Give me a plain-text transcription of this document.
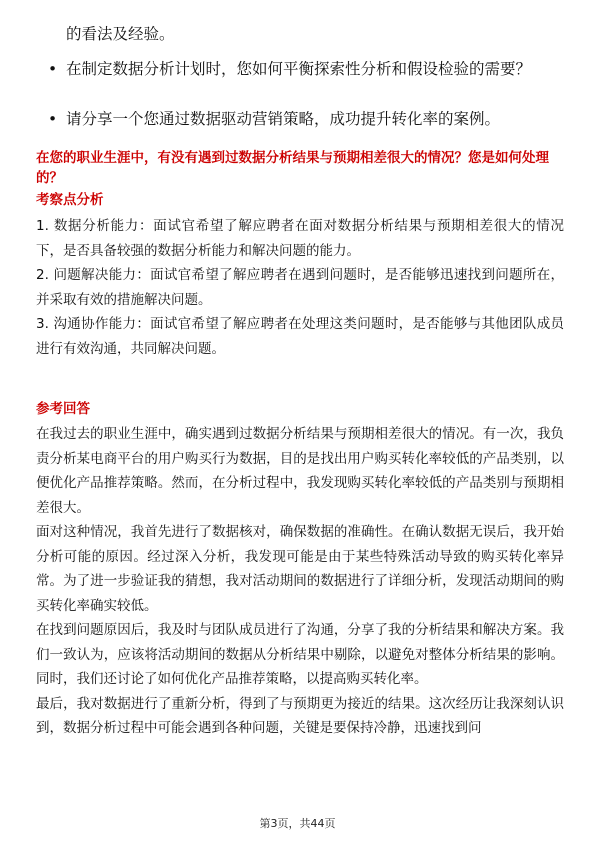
的看法及经验。
• 在制定数据分析计划时，您如何平衡探索性分析和假设检验的需要？
• 请分享一个您通过数据驱动营销策略，成功提升转化率的案例。
在您的职业生涯中，有没有遇到过数据分析结果与预期相差很大的情况？您是如何处理的？
考察点分析

1. 数据分析能力：面试官希望了解应聘者在面对数据分析结果与预期相差很大的情况下，是否具备较强的数据分析能力和解决问题的能力。

2. 问题解决能力：面试官希望了解应聘者在遇到问题时，是否能够迅速找到问题所在，并采取有效的措施解决问题。

3. 沟通协作能力：面试官希望了解应聘者在处理这类问题时，是否能够与其他团队成员进行有效沟通，共同解决问题。

参考回答

在我过去的职业生涯中，确实遇到过数据分析结果与预期相差很大的情况。有一次，我负责分析某电商平台的用户购买行为数据，目的是找出用户购买转化率较低的产品类别，以便优化产品推荐策略。然而，在分析过程中，我发现购买转化率较低的产品类别与预期相差很大。

面对这种情况，我首先进行了数据核对，确保数据的准确性。在确认数据无误后，我开始分析可能的原因。经过深入分析，我发现可能是由于某些特殊活动导致的购买转化率异常。为了进一步验证我的猜想，我对活动期间的数据进行了详细分析，发现活动期间的购买转化率确实较低。

在找到问题原因后，我及时与团队成员进行了沟通，分享了我的分析结果和解决方案。我们一致认为，应该将活动期间的数据从分析结果中剔除，以避免对整体分析结果的影响。同时，我们还讨论了如何优化产品推荐策略，以提高购买转化率。

最后，我对数据进行了重新分析，得到了与预期更为接近的结果。这次经历让我深刻认识到，数据分析过程中可能会遇到各种问题，关键是要保持冷静，迅速找到问

第3页，共44页
